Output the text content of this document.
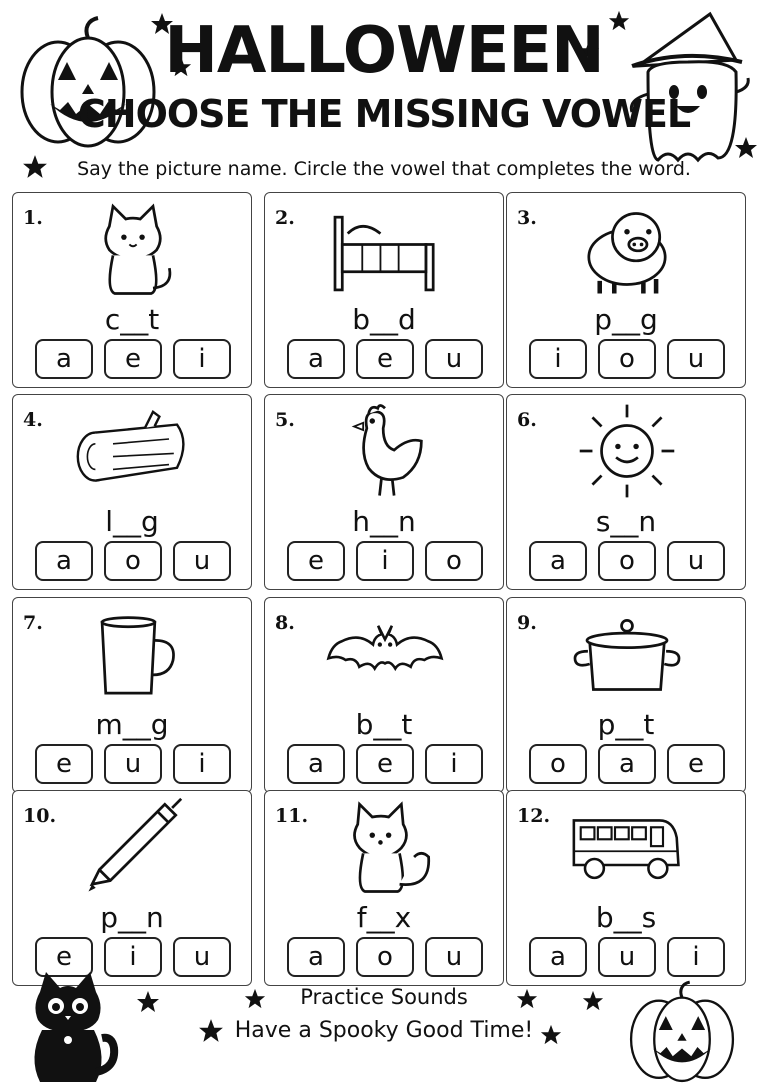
HALLOWEEN
CHOOSE THE MISSING VOWEL
Say the picture name. Circle the vowel that completes the word.
1.
c__t
a	e	i
2.
b__d
a	e	u
3.
p__g
i	o	u
4.
l__g
a	o	u
5.
h__n
e	i	o
6.
s__n
a	o	u
7.
m__g
e	u	i
8.
b__t
a	e	i
9.
p__t
o	a	e
10.
p__n
e	i	u
11.
f__x
a	o	u
12.
b__s
a	u	i
Practice Sounds
Have a Spooky Good Time!
